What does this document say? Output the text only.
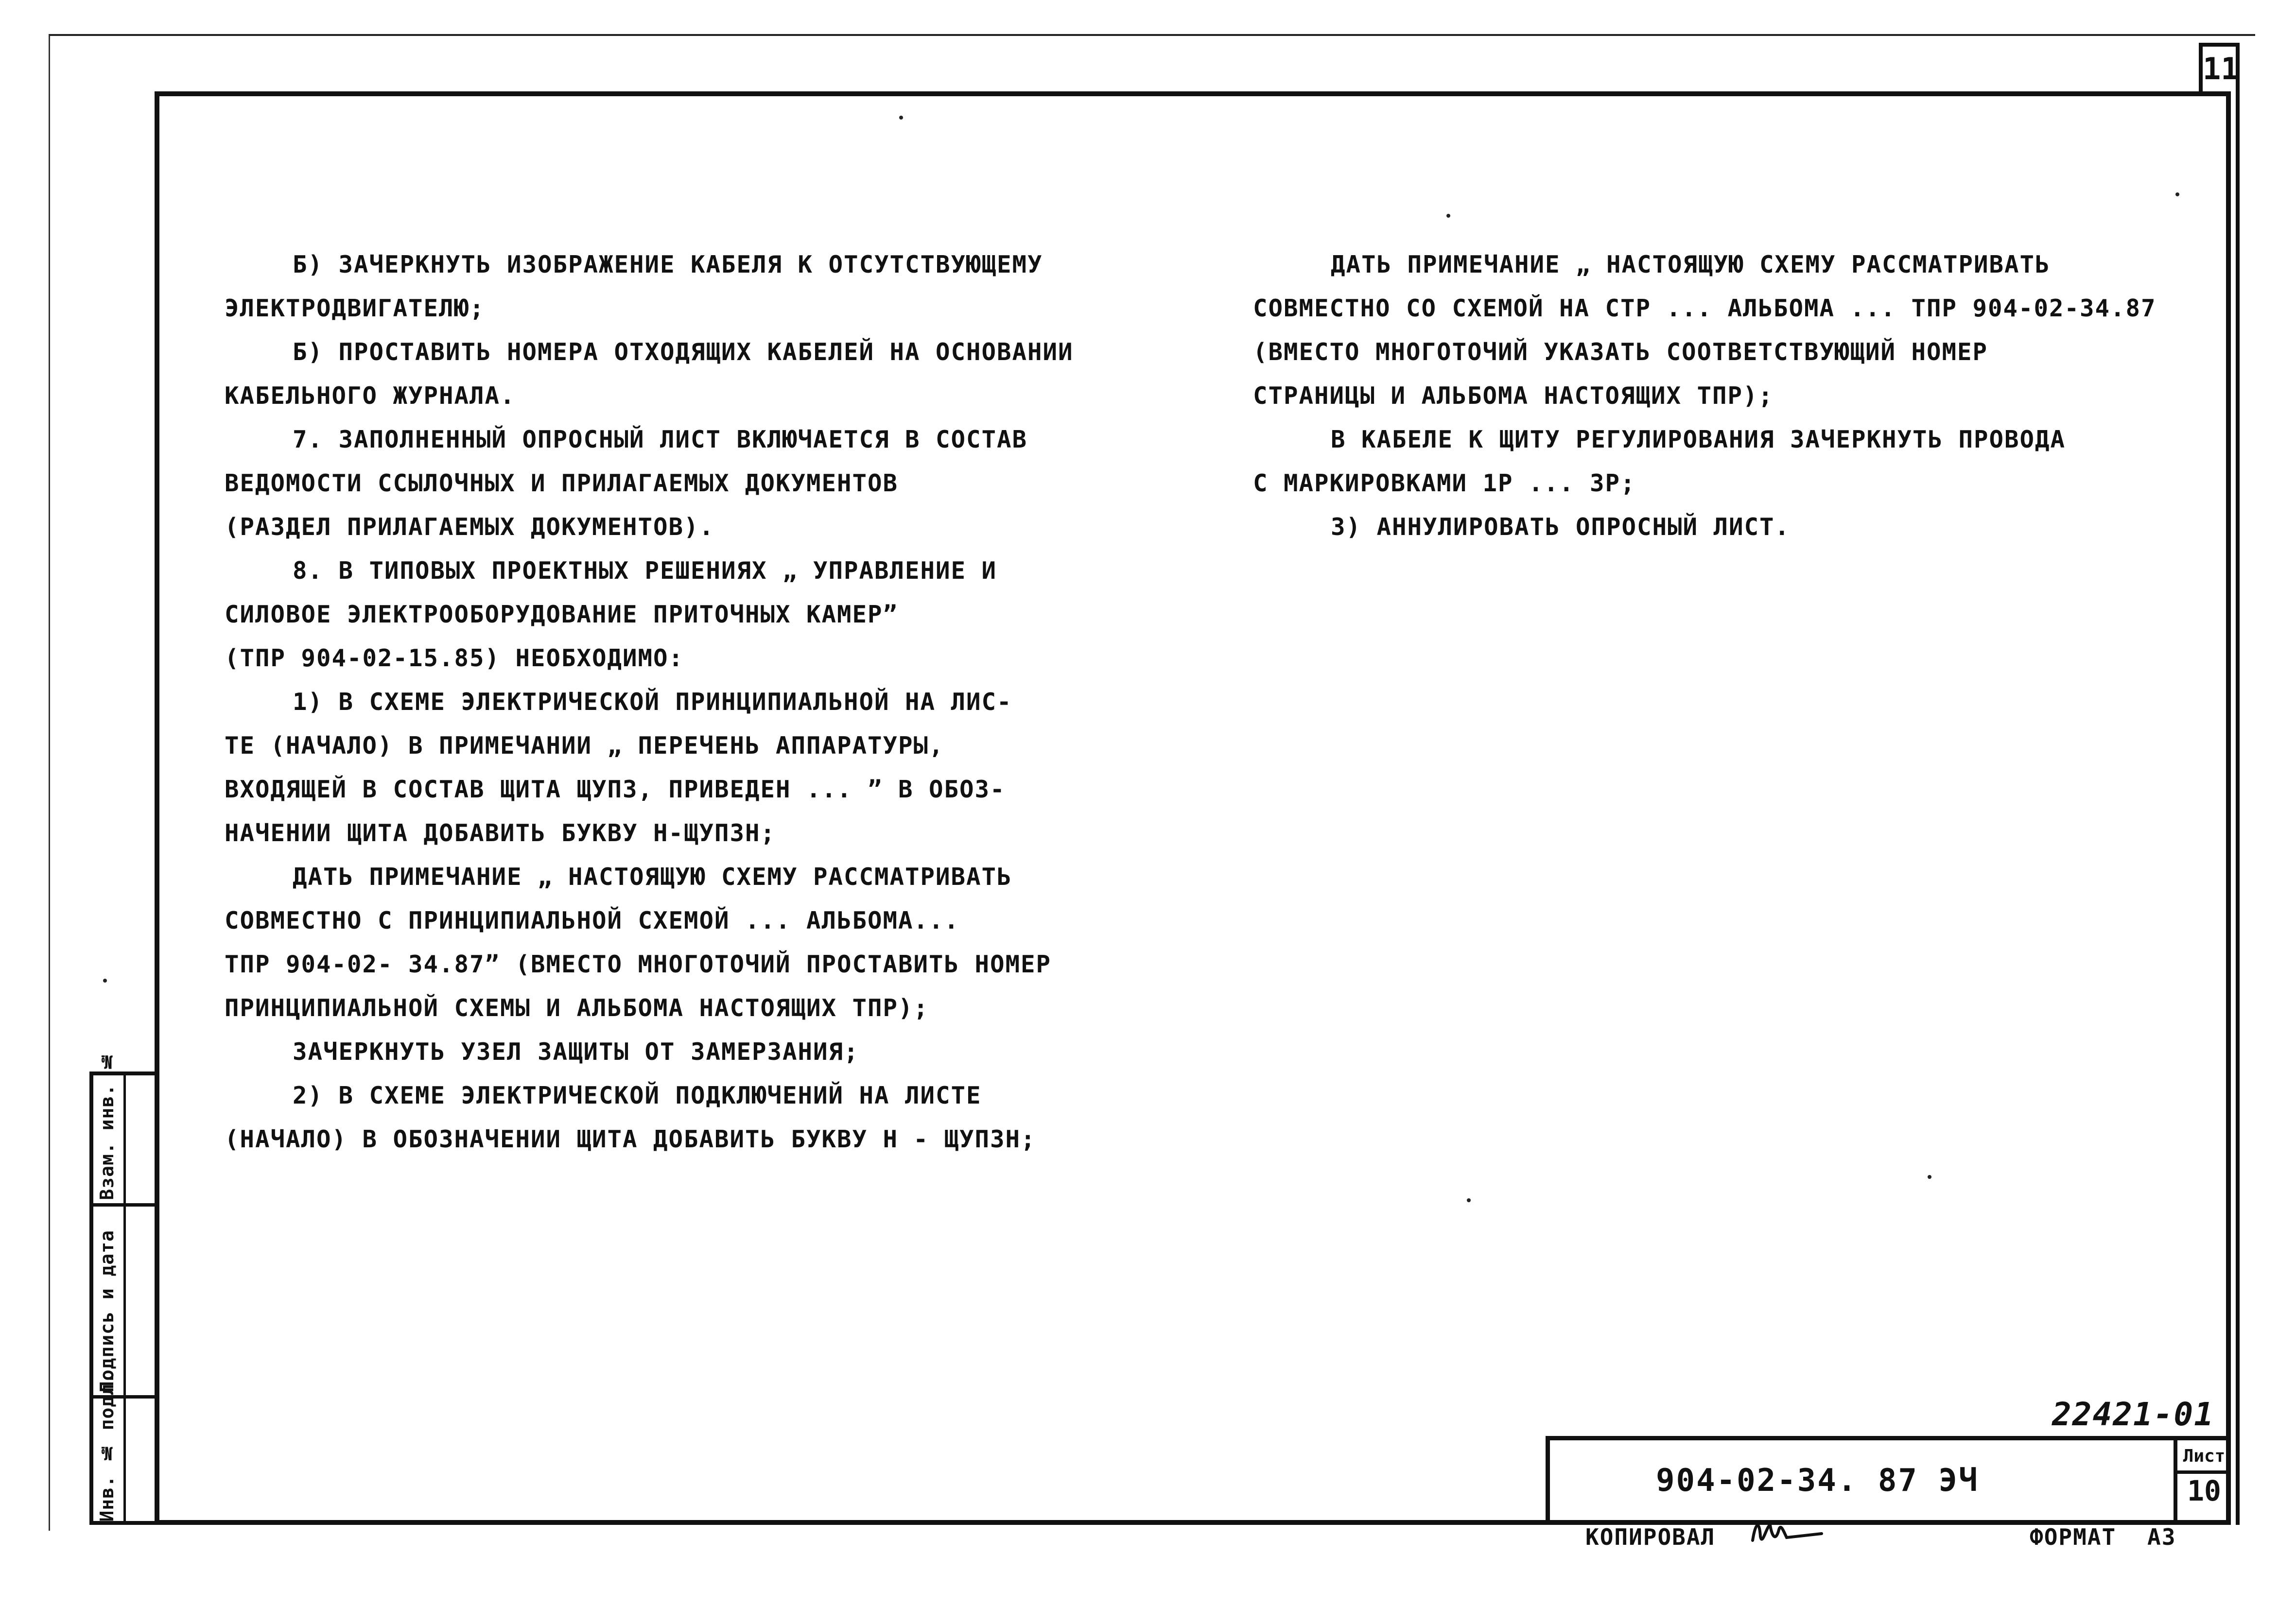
11
Взам. инв. №
Подпись и дата
Инв. № подл.
Б) ЗАЧЕРКНУТЬ ИЗОБРАЖЕНИЕ КАБЕЛЯ К ОТСУТСТВУЮЩЕМУ
ЭЛЕКТРОДВИГАТЕЛЮ;
Б) ПРОСТАВИТЬ НОМЕРА ОТХОДЯЩИХ КАБЕЛЕЙ НА ОСНОВАНИИ
КАБЕЛЬНОГО ЖУРНАЛА.
7. ЗАПОЛНЕННЫЙ ОПРОСНЫЙ ЛИСТ ВКЛЮЧАЕТСЯ В СОСТАВ
ВЕДОМОСТИ ССЫЛОЧНЫХ И ПРИЛАГАЕМЫХ ДОКУМЕНТОВ
(РАЗДЕЛ ПРИЛАГАЕМЫХ ДОКУМЕНТОВ).
8. В ТИПОВЫХ ПРОЕКТНЫХ РЕШЕНИЯХ „ УПРАВЛЕНИЕ И
СИЛОВОЕ ЭЛЕКТРООБОРУДОВАНИЕ ПРИТОЧНЫХ КАМЕР”
(ТПР 904-02-15.85) НЕОБХОДИМО:
1) В СХЕМЕ ЭЛЕКТРИЧЕСКОЙ ПРИНЦИПИАЛЬНОЙ НА ЛИС-
ТЕ (НАЧАЛО) В ПРИМЕЧАНИИ „ ПЕРЕЧЕНЬ АППАРАТУРЫ,
ВХОДЯЩЕЙ В СОСТАВ ЩИТА ЩУП3, ПРИВЕДЕН ... ” В ОБОЗ-
НАЧЕНИИ ЩИТА ДОБАВИТЬ БУКВУ Н-ЩУП3Н;
ДАТЬ ПРИМЕЧАНИЕ „ НАСТОЯЩУЮ СХЕМУ РАССМАТРИВАТЬ
СОВМЕСТНО С ПРИНЦИПИАЛЬНОЙ СХЕМОЙ ... АЛЬБОМА...
ТПР 904-02- 34.87” (ВМЕСТО МНОГОТОЧИЙ ПРОСТАВИТЬ НОМЕР
ПРИНЦИПИАЛЬНОЙ СХЕМЫ И АЛЬБОМА НАСТОЯЩИХ ТПР);
ЗАЧЕРКНУТЬ УЗЕЛ ЗАЩИТЫ ОТ ЗАМЕРЗАНИЯ;
2) В СХЕМЕ ЭЛЕКТРИЧЕСКОЙ ПОДКЛЮЧЕНИЙ НА ЛИСТЕ
(НАЧАЛО) В ОБОЗНАЧЕНИИ ЩИТА ДОБАВИТЬ БУКВУ Н - ЩУП3Н;
ДАТЬ ПРИМЕЧАНИЕ „ НАСТОЯЩУЮ СХЕМУ РАССМАТРИВАТЬ
СОВМЕСТНО СО СХЕМОЙ НА СТР ... АЛЬБОМА ... ТПР 904-02-34.87
(ВМЕСТО МНОГОТОЧИЙ УКАЗАТЬ СООТВЕТСТВУЮЩИЙ НОМЕР
СТРАНИЦЫ И АЛЬБОМА НАСТОЯЩИХ ТПР);
В КАБЕЛЕ К ЩИТУ РЕГУЛИРОВАНИЯ ЗАЧЕРКНУТЬ ПРОВОДА
С МАРКИРОВКАМИ 1Р ... 3Р;
3) АННУЛИРОВАТЬ ОПРОСНЫЙ ЛИСТ.
22421-01
904-02-34. 87 ЭЧ
Лист
10
КОПИРОВАЛ	ФОРМАТ А3
